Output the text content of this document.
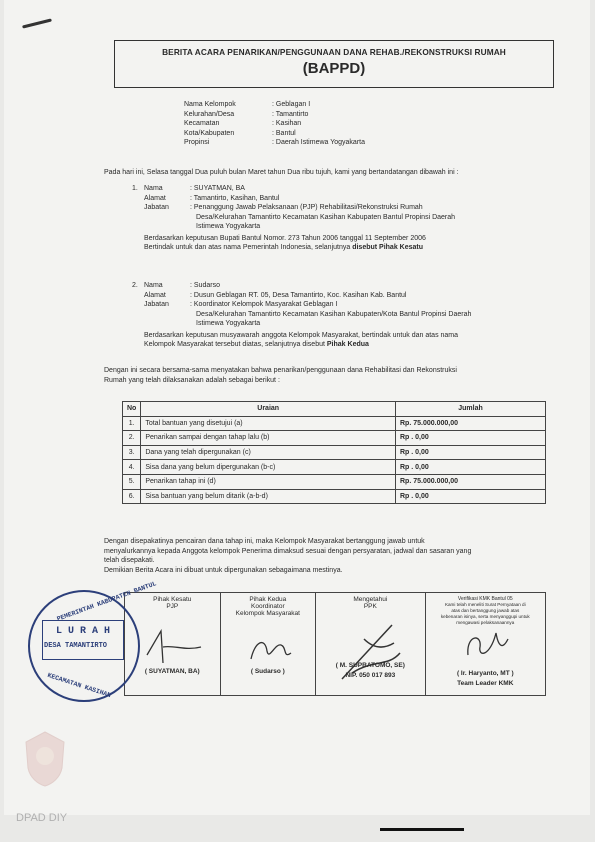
BERITA ACARA PENARIKAN/PENGGUNAAN DANA REHAB./REKONSTRUKSI RUMAH
(BAPPD)
Nama Kelompok	: Geblagan I
Kelurahan/Desa	: Tamantirto
Kecamatan	: Kasihan
Kota/Kabupaten	: Bantul
Propinsi	: Daerah Istimewa Yogyakarta
Pada hari ini, Selasa tanggal Dua puluh bulan Maret tahun Dua ribu tujuh, kami yang bertandatangan dibawah ini :
1. Nama	: SUYATMAN, BA
Alamat	: Tamantirto, Kasihan, Bantul
Jabatan	: Penanggung Jawab Pelaksanaan (PJP) Rehabilitasi/Rekonstruksi Rumah
Desa/Kelurahan Tamantirto Kecamatan Kasihan Kabupaten Bantul Propinsi Daerah
Istimewa Yogyakarta
Berdasarkan keputusan Bupati Bantul Nomor. 273 Tahun 2006 tanggal 11 September 2006
Bertindak untuk dan atas nama Pemerintah Indonesia, selanjutnya disebut Pihak Kesatu
2. Nama	: Sudarso
Alamat	: Dusun Geblagan RT. 05, Desa Tamantirto, Koc. Kasihan Kab. Bantul
Jabatan	: Koordinator Kelompok Masyarakat Geblagan I
Desa/Kelurahan Tamantirto Kecamatan Kasihan Kabupaten/Kota Bantul Propinsi Daerah
Istimewa Yogyakarta
Berdasarkan keputusan musyawarah anggota Kelompok Masyarakat, bertindak untuk dan atas nama
Kelompok Masyarakat tersebut diatas, selanjutnya disebut Pihak Kedua
Dengan ini secara bersama-sama menyatakan bahwa penarikan/penggunaan dana Rehabilitasi dan Rekonstruksi
Rumah yang telah dilaksanakan adalah sebagai berikut :
No	Uraian	Jumlah
1.	Total bantuan yang disetujui (a)	Rp. 75.000.000,00
2.	Penarikan sampai dengan tahap lalu (b)	Rp . 0,00
3.	Dana yang telah dipergunakan (c)	Rp . 0,00
4.	Sisa dana yang belum dipergunakan (b-c)	Rp . 0,00
5.	Penarikan tahap ini (d)	Rp. 75.000.000,00
6.	Sisa bantuan yang belum ditarik (a-b-d)	Rp . 0,00
Dengan disepakatinya pencairan dana tahap ini, maka Kelompok Masyarakat bertanggung jawab untuk
menyalurkannya kepada Anggota kelompok Penerima dimaksud sesuai dengan persyaratan, jadwal dan sasaran yang
telah disepakati.
Demikian Berita Acara ini dibuat untuk dipergunakan sebagaimana mestinya.
Pihak Kesatu
PJP
( SUYATMAN, BA)
Pihak Kedua
Koordinator
Kelompok Masyarakat
( Sudarso )
Mengetahui
PPK
( M. SUPRATOMO, SE)
NIP. 050 017 893
Verifikasi KMK Bantul 05
Kami telah meneliti Surat Pernyataan di
atas dan bertanggung jawab atas
kebenaran isinya, serta menyanggupi untuk
mengawasi pelaksanaannya
( Ir. Haryanto, MT )
Team Leader KMK
PEMERINTAH KABUPATEN BANTUL
L U R A H
DESA TAMANTIRTO
KECAMATAN KASIHAN
DPAD DIY
